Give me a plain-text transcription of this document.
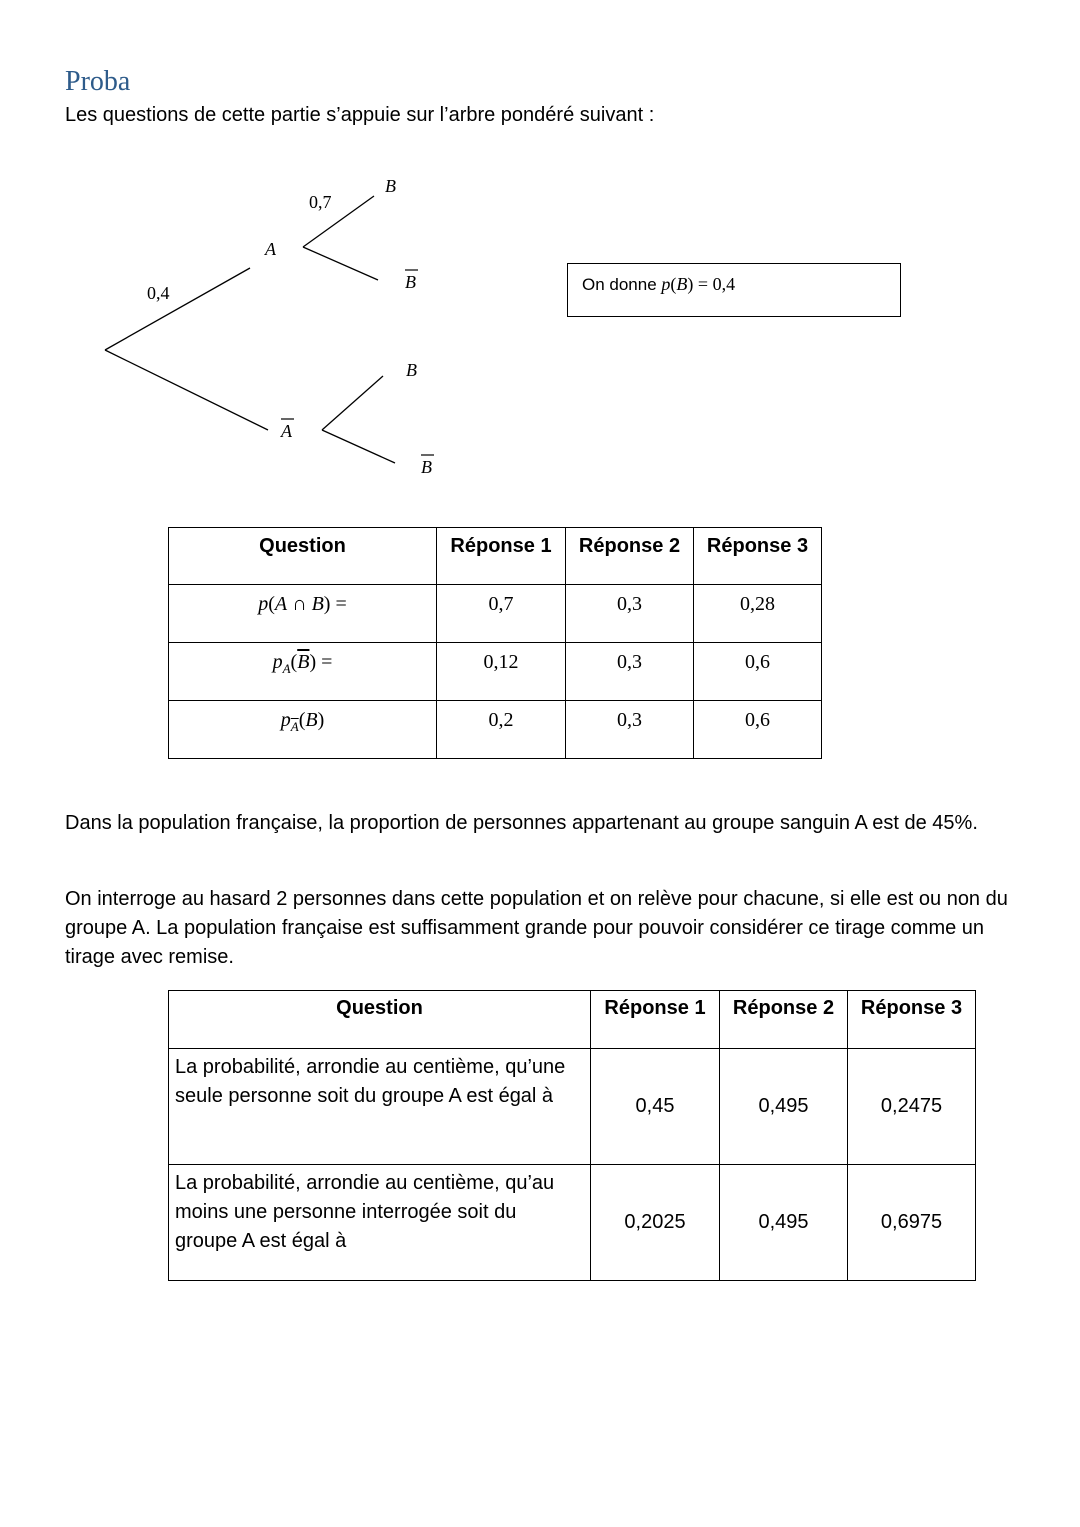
Proba
Les questions de cette partie s’appuie sur l’arbre pondéré suivant :
0,4
A
A
0,7
B
B
B
B
On donne p(B) = 0,4
Question	Réponse 1	Réponse 2	Réponse 3
p(A ∩ B) =	0,7	0,3	0,28
$p_A(\overline{B})$ =	0,12	0,3	0,6
$p_{\overline{A}}(B)$	0,2	0,3	0,6
Dans la population française, la proportion de personnes appartenant au groupe sanguin A est de 45%.
On interroge au hasard 2 personnes dans cette population et on relève pour chacune, si elle est ou non du groupe A. La population française est suffisamment grande pour pouvoir considérer ce tirage comme un tirage avec remise.
Question	Réponse 1	Réponse 2	Réponse 3
La probabilité, arrondie au centième, qu’une seule personne soit du groupe A est égal à	0,45	0,495	0,2475
La probabilité, arrondie au centième, qu’au moins une personne interrogée soit du groupe A est égal à	0,2025	0,495	0,6975
